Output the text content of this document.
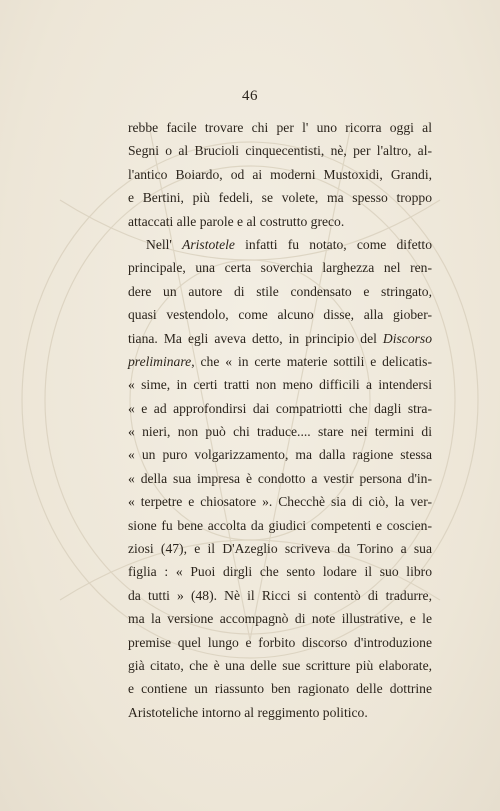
46
rebbe facile trovare chi per l' uno ricorra oggi al
Segni o al Brucioli cinquecentisti, nè, per l'altro, al-
l'antico Boiardo, od ai moderni Mustoxidi, Grandi,
e Bertini, più fedeli, se volete, ma spesso troppo
attaccati alle parole e al costrutto greco.
Nell' Aristotele infatti fu notato, come difetto
principale, una certa soverchia larghezza nel ren-
dere un autore di stile condensato e stringato,
quasi vestendolo, come alcuno disse, alla giober-
tiana. Ma egli aveva detto, in principio del Discorso
preliminare, che « in certe materie sottili e delicatis-
« sime, in certi tratti non meno difficili a intendersi
« e ad approfondirsi dai compatriotti che dagli stra-
« nieri, non può chi traduce.... stare nei termini di
« un puro volgarizzamento, ma dalla ragione stessa
« della sua impresa è condotto a vestir persona d'in-
« terpetre e chiosatore ». Checchè sia di ciò, la ver-
sione fu bene accolta da giudici competenti e coscien-
ziosi (47), e il D'Azeglio scriveva da Torino a sua
figlia : « Puoi dirgli che sento lodare il suo libro
da tutti » (48). Nè il Ricci si contentò di tradurre,
ma la versione accompagnò di note illustrative, e le
premise quel lungo e forbito discorso d'introduzione
già citato, che è una delle sue scritture più elaborate,
e contiene un riassunto ben ragionato delle dottrine
Aristoteliche intorno al reggimento politico.
